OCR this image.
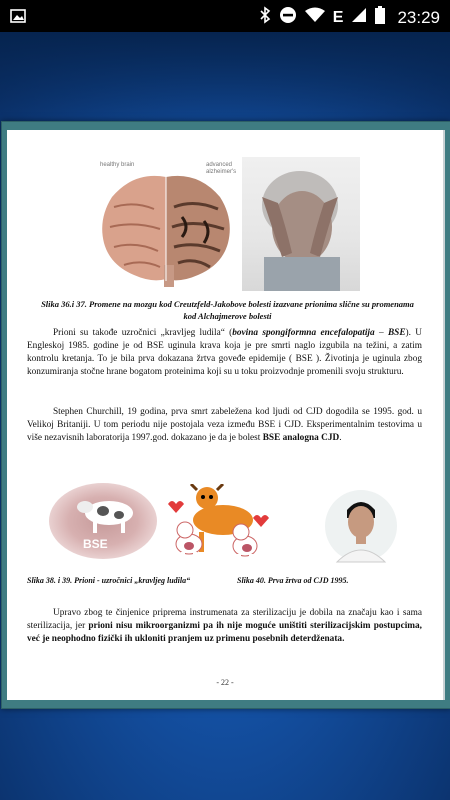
E	23:29
healthy brain	advanced alzheimer's
Slika 36.i 37. Promene na mozgu kod Creutzfeld-Jakobove bolesti izazvane prionima slične su promenama
kod Alchajmerove bolesti
Prioni su takođe uzročnici „kravljeg ludila“ (bovina spongiformna encefalopatija – BSE). U Engleskoj 1985. godine je od BSE uginula krava koja je pre smrti naglo izgubila na težini, a zatim kontrolu kretanja. To je bila prva dokazana žrtva goveđe epidemije ( BSE ). Životinja je uginula zbog konzumiranja stočne hrane bogatom proteinima koji su u toku proizvodnje promenili svoju strukturu.
Stephen Churchill, 19 godina, prva smrt zabeležena kod ljudi od CJD dogodila se 1995. god. u Velikoj Britaniji. U tom periodu nije postojala veza između BSE i CJD. Eksperimentalnim testovima u više nezavisnih laboratorija 1997.god. dokazano je da je bolest BSE analogna CJD.
BSE
Slika 38. i 39. Prioni - uzročnici „kravljeg ludila“	Slika 40. Prva žrtva od CJD 1995.
Upravo zbog te činjenice priprema instrumenata za sterilizaciju je dobila na značaju kao i sama sterilizacija, jer prioni nisu mikroorganizmi pa ih nije moguće uništiti sterilizacijskim postupcima, već je neophodno fizički ih ukloniti pranjem uz primenu posebnih deterdženata.
- 22 -
